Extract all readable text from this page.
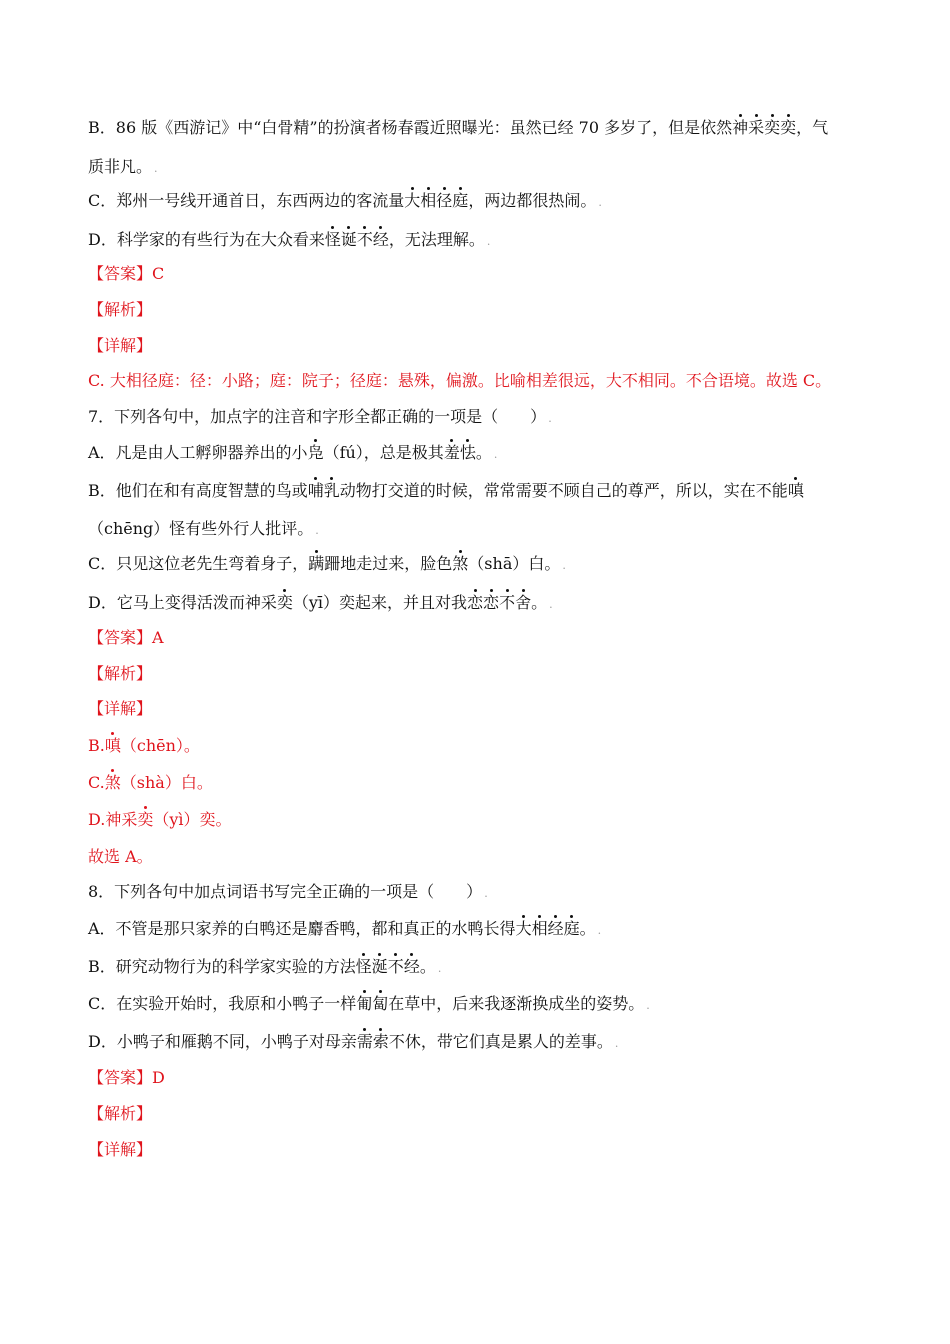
B．86 版《西游记》中“白骨精”的扮演者杨春霞近照曝光：虽然已经 70 多岁了，但是依然神采奕奕，气
质非凡。 .
C．郑州一号线开通首日，东西两边的客流量大相径庭，两边都很热闹。 .
D．科学家的有些行为在大众看来怪诞不经，无法理解。 .
【答案】C
【解析】
【详解】
C. 大相径庭：径：小路；庭：院子；径庭：悬殊，偏激。比喻相差很远，大不相同。不合语境。故选 C。
7．下列各句中，加点字的注音和字形全都正确的一项是（　　） .
A．凡是由人工孵卵器养出的小凫（fú），总是极其羞怯。 .
B．他们在和有高度智慧的鸟或哺乳动物打交道的时候，常常需要不顾自己的尊严，所以，实在不能嗔
（chēng）怪有些外行人批评。 .
C．只见这位老先生弯着身子，蹒跚地走过来，脸色煞（shā）白。 .
D．它马上变得活泼而神采奕（yī）奕起来，并且对我恋恋不舍。 .
【答案】A
【解析】
【详解】
B.嗔（chēn）。
C.煞（shà）白。
D.神采奕（yì）奕。
故选 A。
8．下列各句中加点词语书写完全正确的一项是（　　） .
A．不管是那只家养的白鸭还是麝香鸭，都和真正的水鸭长得大相经庭。 .
B．研究动物行为的科学家实验的方法怪涎不经。 .
C．在实验开始时，我原和小鸭子一样匍匐在草中，后来我逐渐换成坐的姿势。 .
D．小鸭子和雁鹅不同，小鸭子对母亲需索不休，带它们真是累人的差事。 .
【答案】D
【解析】
【详解】
